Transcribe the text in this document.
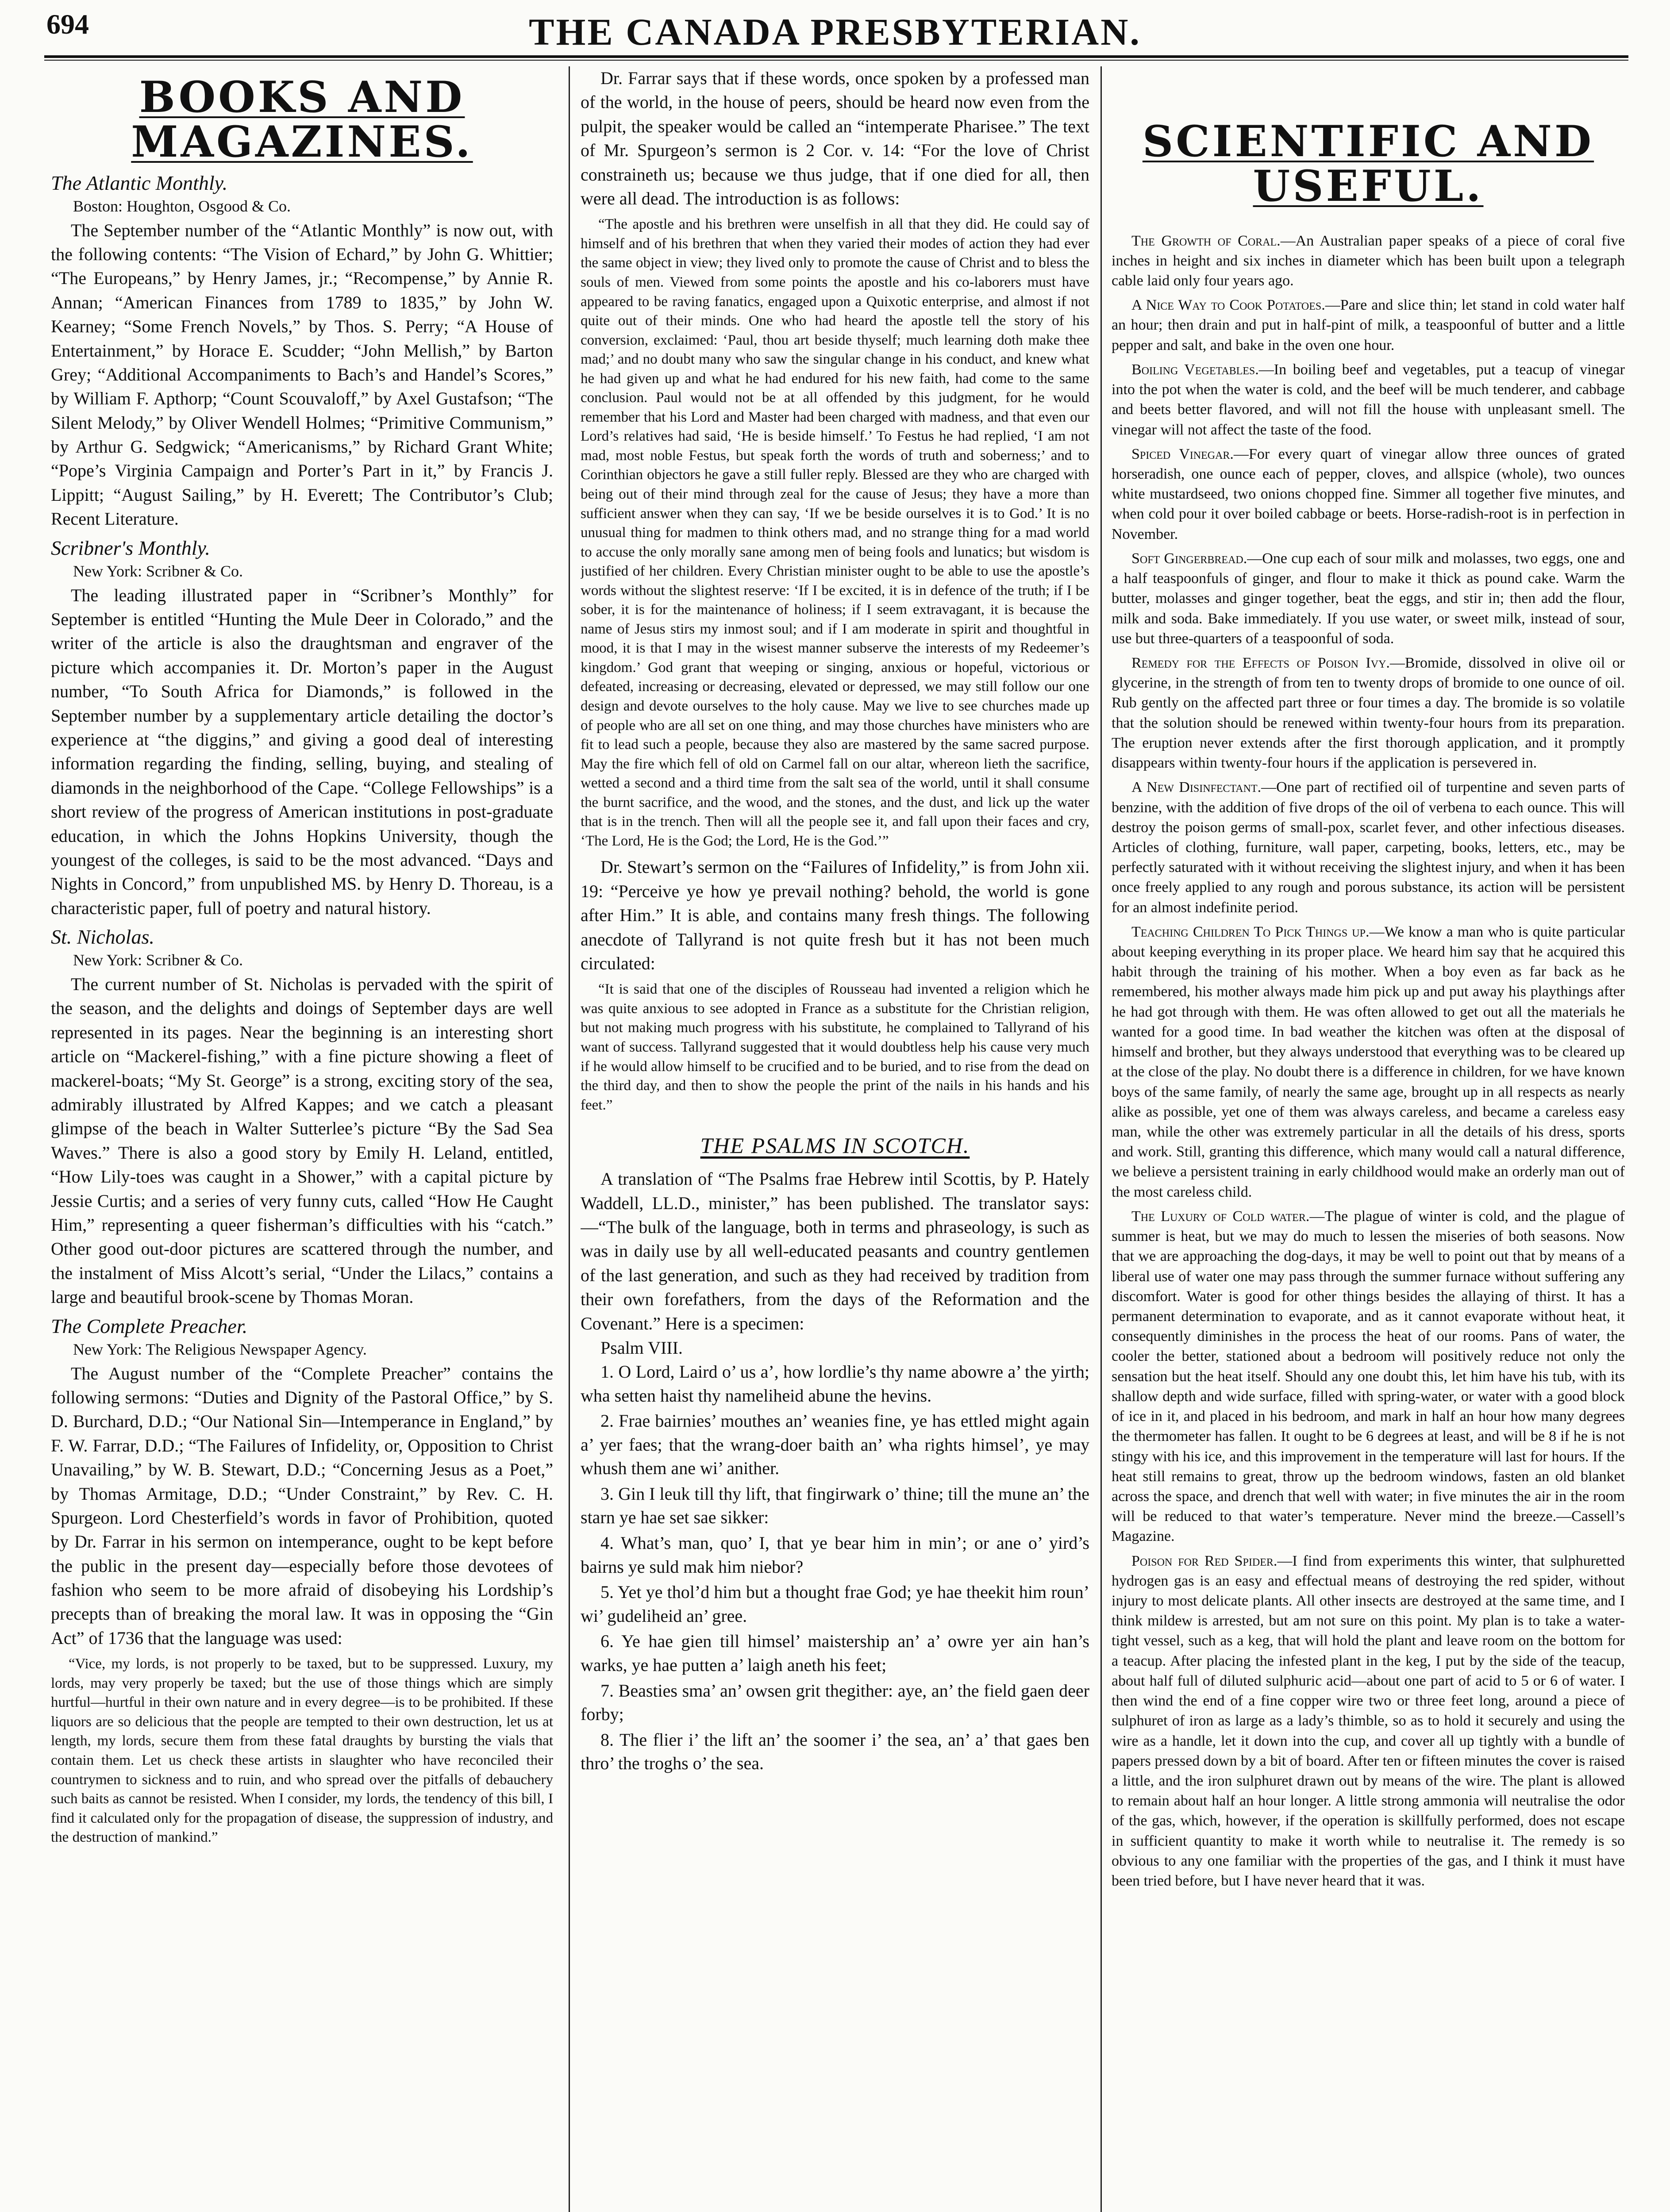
694	THE CANADA PRESBYTERIAN.
BOOKS AND MAGAZINES.
The Atlantic Monthly.
Boston: Houghton, Osgood & Co.

The September number of the “Atlantic Monthly” is now out, with the following contents: “The Vision of Echard,” by John G. Whittier; “The Europeans,” by Henry James, jr.; “Recompense,” by Annie R. Annan; “American Finances from 1789 to 1835,” by John W. Kearney; “Some French Novels,” by Thos. S. Perry; “A House of Entertainment,” by Horace E. Scudder; “John Mellish,” by Barton Grey; “Additional Accompaniments to Bach’s and Handel’s Scores,” by William F. Apthorp; “Count Scouvaloff,” by Axel Gustafson; “The Silent Melody,” by Oliver Wendell Holmes; “Primitive Communism,” by Arthur G. Sedgwick; “Americanisms,” by Richard Grant White; “Pope’s Virginia Campaign and Porter’s Part in it,” by Francis J. Lippitt; “August Sailing,” by H. Everett; The Contributor’s Club; Recent Literature.

Scribner's Monthly.
New York: Scribner & Co.

The leading illustrated paper in “Scribner’s Monthly” for September is entitled “Hunting the Mule Deer in Colorado,” and the writer of the article is also the draughtsman and engraver of the picture which accompanies it. Dr. Morton’s paper in the August number, “To South Africa for Diamonds,” is followed in the September number by a supplementary article detailing the doctor’s experience at “the diggins,” and giving a good deal of interesting information regarding the finding, selling, buying, and stealing of diamonds in the neighborhood of the Cape. “College Fellowships” is a short review of the progress of American institutions in post-graduate education, in which the Johns Hopkins University, though the youngest of the colleges, is said to be the most advanced. “Days and Nights in Concord,” from unpublished MS. by Henry D. Thoreau, is a characteristic paper, full of poetry and natural history.

St. Nicholas.
New York: Scribner & Co.

The current number of St. Nicholas is pervaded with the spirit of the season, and the delights and doings of September days are well represented in its pages. Near the beginning is an interesting short article on “Mackerel-fishing,” with a fine picture showing a fleet of mackerel-boats; “My St. George” is a strong, exciting story of the sea, admirably illustrated by Alfred Kappes; and we catch a pleasant glimpse of the beach in Walter Sutterlee’s picture “By the Sad Sea Waves.” There is also a good story by Emily H. Leland, entitled, “How Lily-toes was caught in a Shower,” with a capital picture by Jessie Curtis; and a series of very funny cuts, called “How He Caught Him,” representing a queer fisherman’s difficulties with his “catch.” Other good out-door pictures are scattered through the number, and the instalment of Miss Alcott’s serial, “Under the Lilacs,” contains a large and beautiful brook-scene by Thomas Moran.

The Complete Preacher.
New York: The Religious Newspaper Agency.

The August number of the “Complete Preacher” contains the following sermons: “Duties and Dignity of the Pastoral Office,” by S. D. Burchard, D.D.; “Our National Sin—Intemperance in England,” by F. W. Farrar, D.D.; “The Failures of Infidelity, or, Opposition to Christ Unavailing,” by W. B. Stewart, D.D.; “Concerning Jesus as a Poet,” by Thomas Armitage, D.D.; “Under Constraint,” by Rev. C. H. Spurgeon. Lord Chesterfield’s words in favor of Prohibition, quoted by Dr. Farrar in his sermon on intemperance, ought to be kept before the public in the present day—especially before those devotees of fashion who seem to be more afraid of disobeying his Lordship’s precepts than of breaking the moral law. It was in opposing the “Gin Act” of 1736 that the language was used:

“Vice, my lords, is not properly to be taxed, but to be suppressed. Luxury, my lords, may very properly be taxed; but the use of those things which are simply hurtful—hurtful in their own nature and in every degree—is to be prohibited. If these liquors are so delicious that the people are tempted to their own destruction, let us at length, my lords, secure them from these fatal draughts by bursting the vials that contain them. Let us check these artists in slaughter who have reconciled their countrymen to sickness and to ruin, and who spread over the pitfalls of debauchery such baits as cannot be resisted. When I consider, my lords, the tendency of this bill, I find it calculated only for the propagation of disease, the suppression of industry, and the destruction of mankind.”

Dr. Farrar says that if these words, once spoken by a professed man of the world, in the house of peers, should be heard now even from the pulpit, the speaker would be called an “intemperate Pharisee.” The text of Mr. Spurgeon’s sermon is 2 Cor. v. 14: “For the love of Christ constraineth us; because we thus judge, that if one died for all, then were all dead. The introduction is as follows:

“The apostle and his brethren were unselfish in all that they did. He could say of himself and of his brethren that when they varied their modes of action they had ever the same object in view; they lived only to promote the cause of Christ and to bless the souls of men. Viewed from some points the apostle and his co-laborers must have appeared to be raving fanatics, engaged upon a Quixotic enterprise, and almost if not quite out of their minds. One who had heard the apostle tell the story of his conversion, exclaimed: ‘Paul, thou art beside thyself; much learning doth make thee mad;’ and no doubt many who saw the singular change in his conduct, and knew what he had given up and what he had endured for his new faith, had come to the same conclusion. Paul would not be at all offended by this judgment, for he would remember that his Lord and Master had been charged with madness, and that even our Lord’s relatives had said, ‘He is beside himself.’ To Festus he had replied, ‘I am not mad, most noble Festus, but speak forth the words of truth and soberness;’ and to Corinthian objectors he gave a still fuller reply. Blessed are they who are charged with being out of their mind through zeal for the cause of Jesus; they have a more than sufficient answer when they can say, ‘If we be beside ourselves it is to God.’ It is no unusual thing for madmen to think others mad, and no strange thing for a mad world to accuse the only morally sane among men of being fools and lunatics; but wisdom is justified of her children. Every Christian minister ought to be able to use the apostle’s words without the slightest reserve: ‘If I be excited, it is in defence of the truth; if I be sober, it is for the maintenance of holiness; if I seem extravagant, it is because the name of Jesus stirs my inmost soul; and if I am moderate in spirit and thoughtful in mood, it is that I may in the wisest manner subserve the interests of my Redeemer’s kingdom.’ God grant that weeping or singing, anxious or hopeful, victorious or defeated, increasing or decreasing, elevated or depressed, we may still follow our one design and devote ourselves to the holy cause. May we live to see churches made up of people who are all set on one thing, and may those churches have ministers who are fit to lead such a people, because they also are mastered by the same sacred purpose. May the fire which fell of old on Carmel fall on our altar, whereon lieth the sacrifice, wetted a second and a third time from the salt sea of the world, until it shall consume the burnt sacrifice, and the wood, and the stones, and the dust, and lick up the water that is in the trench. Then will all the people see it, and fall upon their faces and cry, ‘The Lord, He is the God; the Lord, He is the God.’”

Dr. Stewart’s sermon on the “Failures of Infidelity,” is from John xii. 19: “Perceive ye how ye prevail nothing? behold, the world is gone after Him.” It is able, and contains many fresh things. The following anecdote of Tallyrand is not quite fresh but it has not been much circulated:

“It is said that one of the disciples of Rousseau had invented a religion which he was quite anxious to see adopted in France as a substitute for the Christian religion, but not making much progress with his substitute, he complained to Tallyrand of his want of success. Tallyrand suggested that it would doubtless help his cause very much if he would allow himself to be crucified and to be buried, and to rise from the dead on the third day, and then to show the people the print of the nails in his hands and his feet.”

THE PSALMS IN SCOTCH.

A translation of “The Psalms frae Hebrew intil Scottis, by P. Hately Waddell, LL.D., minister,” has been published. The translator says:—“The bulk of the language, both in terms and phraseology, is such as was in daily use by all well-educated peasants and country gentlemen of the last generation, and such as they had received by tradition from their own forefathers, from the days of the Reformation and the Covenant.” Here is a specimen:

Psalm VIII.

1. O Lord, Laird o’ us a’, how lordlie’s thy name abowre a’ the yirth; wha setten haist thy nameliheid abune the hevins.

2. Frae bairnies’ mouthes an’ weanies fine, ye has ettled might again a’ yer faes; that the wrang-doer baith an’ wha rights himsel’, ye may whush them ane wi’ anither.

3. Gin I leuk till thy lift, that fingirwark o’ thine; till the mune an’ the starn ye hae set sae sikker:

4. What’s man, quo’ I, that ye bear him in min’; or ane o’ yird’s bairns ye suld mak him niebor?

5. Yet ye thol’d him but a thought frae God; ye hae theekit him roun’ wi’ gudeliheid an’ gree.

6. Ye hae gien till himsel’ maistership an’ a’ owre yer ain han’s warks, ye hae putten a’ laigh aneth his feet;

7. Beasties sma’ an’ owsen grit thegither: aye, an’ the field gaen deer forby;

8. The flier i’ the lift an’ the soomer i’ the sea, an’ a’ that gaes ben thro’ the troghs o’ the sea.

SCIENTIFIC AND USEFUL.

The Growth of Coral.—An Australian paper speaks of a piece of coral five inches in height and six inches in diameter which has been built upon a telegraph cable laid only four years ago.

A Nice Way to Cook Potatoes.—Pare and slice thin; let stand in cold water half an hour; then drain and put in half-pint of milk, a teaspoonful of butter and a little pepper and salt, and bake in the oven one hour.

Boiling Vegetables.—In boiling beef and vegetables, put a teacup of vinegar into the pot when the water is cold, and the beef will be much tenderer, and cabbage and beets better flavored, and will not fill the house with unpleasant smell. The vinegar will not affect the taste of the food.

Spiced Vinegar.—For every quart of vinegar allow three ounces of grated horseradish, one ounce each of pepper, cloves, and allspice (whole), two ounces white mustardseed, two onions chopped fine. Simmer all together five minutes, and when cold pour it over boiled cabbage or beets. Horse-radish-root is in perfection in November.

Soft Gingerbread.—One cup each of sour milk and molasses, two eggs, one and a half teaspoonfuls of ginger, and flour to make it thick as pound cake. Warm the butter, molasses and ginger together, beat the eggs, and stir in; then add the flour, milk and soda. Bake immediately. If you use water, or sweet milk, instead of sour, use but three-quarters of a teaspoonful of soda.

Remedy for the Effects of Poison Ivy.—Bromide, dissolved in olive oil or glycerine, in the strength of from ten to twenty drops of bromide to one ounce of oil. Rub gently on the affected part three or four times a day. The bromide is so volatile that the solution should be renewed within twenty-four hours from its preparation. The eruption never extends after the first thorough application, and it promptly disappears within twenty-four hours if the application is persevered in.

A New Disinfectant.—One part of rectified oil of turpentine and seven parts of benzine, with the addition of five drops of the oil of verbena to each ounce. This will destroy the poison germs of small-pox, scarlet fever, and other infectious diseases. Articles of clothing, furniture, wall paper, carpeting, books, letters, etc., may be perfectly saturated with it without receiving the slightest injury, and when it has been once freely applied to any rough and porous substance, its action will be persistent for an almost indefinite period.

Teaching Children To Pick Things up.—We know a man who is quite particular about keeping everything in its proper place. We heard him say that he acquired this habit through the training of his mother. When a boy even as far back as he remembered, his mother always made him pick up and put away his playthings after he had got through with them. He was often allowed to get out all the materials he wanted for a good time. In bad weather the kitchen was often at the disposal of himself and brother, but they always understood that everything was to be cleared up at the close of the play. No doubt there is a difference in children, for we have known boys of the same family, of nearly the same age, brought up in all respects as nearly alike as possible, yet one of them was always careless, and became a careless easy man, while the other was extremely particular in all the details of his dress, sports and work. Still, granting this difference, which many would call a natural difference, we believe a persistent training in early childhood would make an orderly man out of the most careless child.

The Luxury of Cold water.—The plague of winter is cold, and the plague of summer is heat, but we may do much to lessen the miseries of both seasons. Now that we are approaching the dog-days, it may be well to point out that by means of a liberal use of water one may pass through the summer furnace without suffering any discomfort. Water is good for other things besides the allaying of thirst. It has a permanent determination to evaporate, and as it cannot evaporate without heat, it consequently diminishes in the process the heat of our rooms. Pans of water, the cooler the better, stationed about a bedroom will positively reduce not only the sensation but the heat itself. Should any one doubt this, let him have his tub, with its shallow depth and wide surface, filled with spring-water, or water with a good block of ice in it, and placed in his bedroom, and mark in half an hour how many degrees the thermometer has fallen. It ought to be 6 degrees at least, and will be 8 if he is not stingy with his ice, and this improvement in the temperature will last for hours. If the heat still remains to great, throw up the bedroom windows, fasten an old blanket across the space, and drench that well with water; in five minutes the air in the room will be reduced to that water’s temperature. Never mind the breeze.—Cassell’s Magazine.

Poison for Red Spider.—I find from experiments this winter, that sulphuretted hydrogen gas is an easy and effectual means of destroying the red spider, without injury to most delicate plants. All other insects are destroyed at the same time, and I think mildew is arrested, but am not sure on this point. My plan is to take a water-tight vessel, such as a keg, that will hold the plant and leave room on the bottom for a teacup. After placing the infested plant in the keg, I put by the side of the teacup, about half full of diluted sulphuric acid—about one part of acid to 5 or 6 of water. I then wind the end of a fine copper wire two or three feet long, around a piece of sulphuret of iron as large as a lady’s thimble, so as to hold it securely and using the wire as a handle, let it down into the cup, and cover all up tightly with a bundle of papers pressed down by a bit of board. After ten or fifteen minutes the cover is raised a little, and the iron sulphuret drawn out by means of the wire. The plant is allowed to remain about half an hour longer. A little strong ammonia will neutralise the odor of the gas, which, however, if the operation is skillfully performed, does not escape in sufficient quantity to make it worth while to neutralise it. The remedy is so obvious to any one familiar with the properties of the gas, and I think it must have been tried before, but I have never heard that it was.
